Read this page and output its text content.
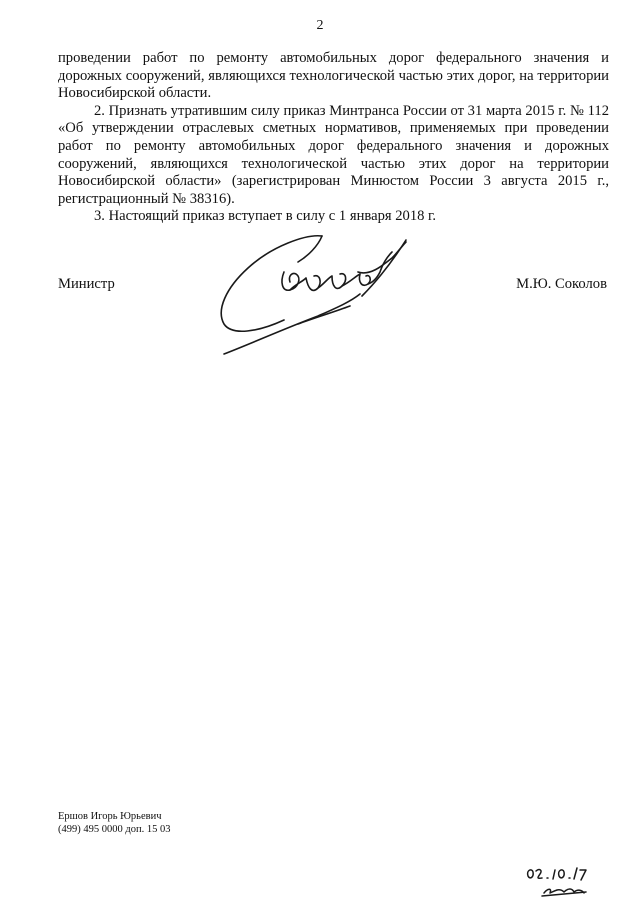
2

проведении работ по ремонту автомобильных дорог федерального значения и дорожных сооружений, являющихся технологической частью этих дорог, на территории Новосибирской области.

2. Признать утратившим силу приказ Минтранса России от 31 марта 2015 г. № 112 «Об утверждении отраслевых сметных нормативов, применяемых при проведении работ по ремонту автомобильных дорог федерального значения и дорожных сооружений, являющихся технологической частью этих дорог на территории Новосибирской области» (зарегистрирован Минюстом России 3 августа 2015 г., регистрационный № 38316).

3. Настоящий приказ вступает в силу с 1 января 2018 г.

Министр	М.Ю. Соколов
Ершов Игорь Юрьевич
(499) 495 0000 доп. 15 03
